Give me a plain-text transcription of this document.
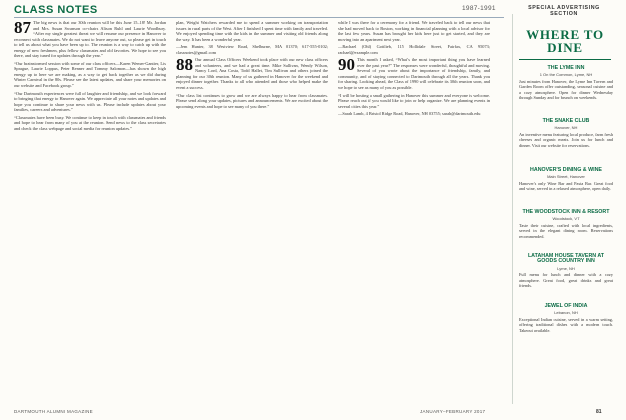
CLASS NOTES	1987-1991	SPECIAL ADVERTISING SECTION

87 The big news is that our 30th reunion will be this June 15–18! Mr. Jordan and Mrs. Susan Swanson co-chairs Alison Ruhl and Laurie Woodbury. “After my single greatest threat we will resume our presence in Hanover to reconnect with classmates. We do not want to leave anyone out, so please get in touch to tell us about what you have been up to. The reunion is a way to catch up with the energy of new freshmen, plus fellow classmates and old favorites. We hope to see you there, and stay tuned for updates through the year.”

“Our brainstormed session with some of our class officers—Karen Wemer-Gantier, Lis Sprague, Laurie Loppus, Peter Renner and Tommy Salomon—has shown the high energy up to here we are making, as a way to get back together as we did during Winter Carnival in the 80s. Please see the latest updates, and share your memories on our website and Facebook group.”

“Our Dartmouth experiences were full of laughter and friendship, and we look forward to bringing that energy to Hanover again. We appreciate all your notes and updates and hope you continue to share your news with us. Please include updates about your families, careers and adventures.”

“Classmates have been busy. We continue to keep in touch with classmates and friends and hope to hear from many of you at the reunion. Send news to the class secretaries and check the class webpage and social media for reunion updates.”

plan, Weight Watchers rewarded me to spend a summer working on transportation issues in rural parts of the West. After I finished I spent time with family and traveled. We enjoyed spending time with the kids in the summer and visiting old friends along the way. It has been a wonderful year.

—Jem Hunter, 38 Westview Road, Shelburne, MA 01370; 617-555-0102; classnotes@gmail.com

88 Our annual Class Officers Weekend took place with our new class officers and volunteers, and we had a great time. Mike Sullivan, Wendy Wilson, Nancy Lord, Ana Costa, Todd Hallet, Tim Sullivan and others joined the planning for our 30th reunion. Many of us gathered in Hanover for the weekend and enjoyed dinner together. Thanks to all who attended and those who helped make the event a success.

“Our class list continues to grow and we are always happy to hear from classmates. Please send along your updates, pictures and announcements. We are excited about the upcoming events and hope to see many of you there.”

while I was there for a ceremony for a friend. We traveled back to tell our news that she had moved back to Boston, working in financial planning with a local advisor for the last few years. Susan has brought her kids here just to get started, and they are moving into an apartment next year.

—Rachael (Ohl) Gottlieb, 115 Hollidale Street, Fairfax, CA 95073; rachael@example.com

90 This month I asked, “What’s the most important thing you have learned over the past year?” The responses were wonderful, thoughtful and moving. Several of you wrote about the importance of friendship, family, and community, and of staying connected to Dartmouth through all the years. Thank you for sharing. Looking ahead, the Class of 1990 will celebrate its 30th reunion soon, and we hope to see as many of you as possible.

“I will be hosting a small gathering in Hanover this summer and everyone is welcome. Please reach out if you would like to join or help organize. We are planning events in several cities this year.”

—Sarah Lamb, 4 Bristol Ridge Road, Hanover, NH 03755; sarah@dartmouth.edu

WHERE TO DINE
THE LYME INN
1 On the Common, Lyme, NH
Just minutes from Hanover, the Lyme Inn Tavern and Garden Room offer outstanding, seasonal cuisine and a cozy atmosphere. Open for dinner Wednesday through Sunday and for brunch on weekends.
THE SNAKE CLUB
Hanover, NH
An inventive menu featuring local produce, farm fresh cheeses and organic meats. Join us for lunch and dinner. Visit our website for reservations.
HANOVER'S DINING & WINE
Main Street, Hanover
Hanover's only Wine Bar and Pasta Bar. Great food and wine, served in a relaxed atmosphere, open daily.
THE WOODSTOCK INN & RESORT
Woodstock, VT
Taste their cuisine, crafted with local ingredients, served in the elegant dining room. Reservations recommended.
LATAHAM HOUSE TAVERN AT GOODS COUNTRY INN
Lyme, NH
Full menu for lunch and dinner with a cozy atmosphere. Great food, great drinks and great friends.
JEWEL OF INDIA
Lebanon, NH
Exceptional Indian cuisine, served in a warm setting, offering traditional dishes with a modern touch. Takeout available.
DARTMOUTH ALUMNI MAGAZINE	JANUARY–FEBRUARY 2017	81
